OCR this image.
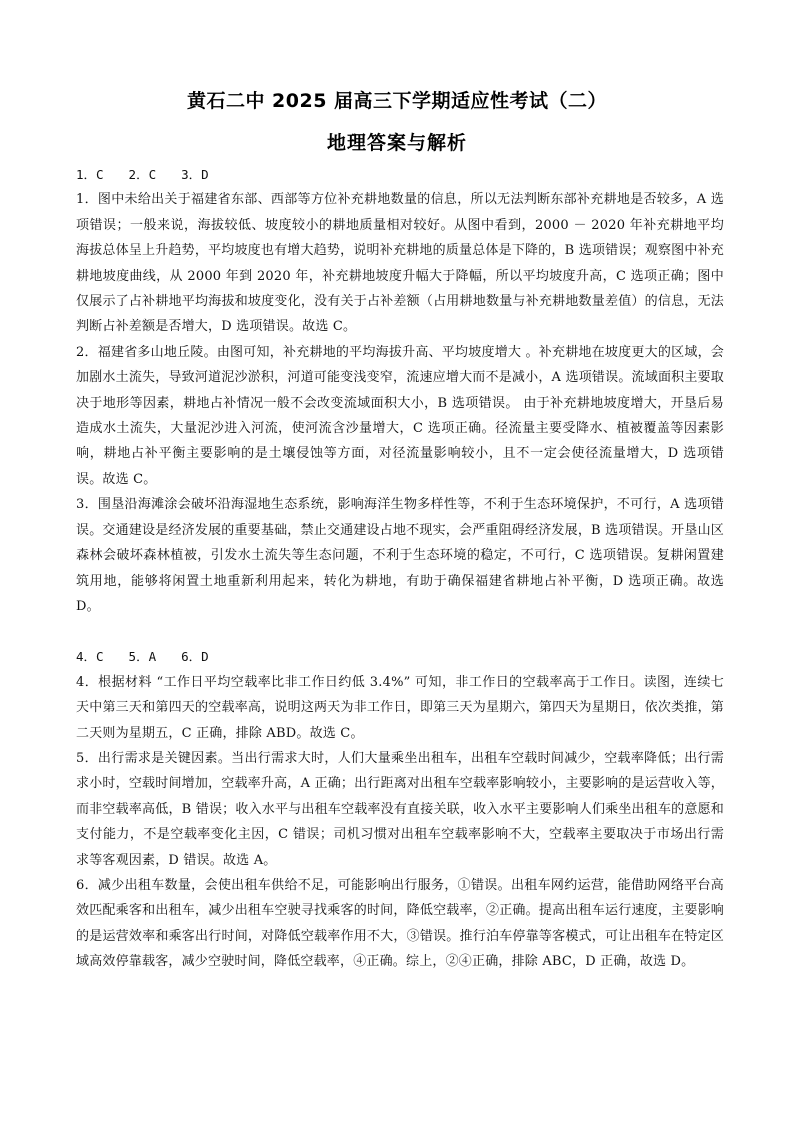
黄石二中 2025 届高三下学期适应性考试（二）
地理答案与解析

1．C　　2．C　　3．D

1．图中未给出关于福建省东部、西部等方位补充耕地数量的信息，所以无法判断东部补充耕地是否较多，A 选项错误；一般来说，海拔较低、坡度较小的耕地质量相对较好。从图中看到，2000 － 2020 年补充耕地平均海拔总体呈上升趋势，平均坡度也有增大趋势，说明补充耕地的质量总体是下降的，B 选项错误；观察图中补充耕地坡度曲线，从 2000 年到 2020 年，补充耕地坡度升幅大于降幅，所以平均坡度升高，C 选项正确；图中仅展示了占补耕地平均海拔和坡度变化，没有关于占补差额（占用耕地数量与补充耕地数量差值）的信息，无法判断占补差额是否增大，D 选项错误。故选 C。

2．福建省多山地丘陵。由图可知，补充耕地的平均海拔升高、平均坡度增大 。补充耕地在坡度更大的区域，会加剧水土流失，导致河道泥沙淤积，河道可能变浅变窄，流速应增大而不是减小，A 选项错误。流域面积主要取决于地形等因素，耕地占补情况一般不会改变流域面积大小，B 选项错误。 由于补充耕地坡度增大，开垦后易造成水土流失，大量泥沙进入河流，使河流含沙量增大，C 选项正确。径流量主要受降水、植被覆盖等因素影响，耕地占补平衡主要影响的是土壤侵蚀等方面，对径流量影响较小，且不一定会使径流量增大，D 选项错误。故选 C。

3．围垦沿海滩涂会破坏沿海湿地生态系统，影响海洋生物多样性等，不利于生态环境保护，不可行，A 选项错误。交通建设是经济发展的重要基础，禁止交通建设占地不现实，会严重阻碍经济发展，B 选项错误。开垦山区森林会破坏森林植被，引发水土流失等生态问题，不利于生态环境的稳定，不可行，C 选项错误。复耕闲置建筑用地，能够将闲置土地重新利用起来，转化为耕地，有助于确保福建省耕地占补平衡，D 选项正确。故选 D。

4．C　　5．A　　6．D

4．根据材料 “工作日平均空载率比非工作日约低 3.4%” 可知，非工作日的空载率高于工作日。读图，连续七天中第三天和第四天的空载率高，说明这两天为非工作日，即第三天为星期六，第四天为星期日，依次类推，第二天则为星期五，C 正确，排除 ABD。故选 C。

5．出行需求是关键因素。当出行需求大时，人们大量乘坐出租车，出租车空载时间减少，空载率降低；出行需求小时，空载时间增加，空载率升高，A 正确；出行距离对出租车空载率影响较小，主要影响的是运营收入等，而非空载率高低，B 错误；收入水平与出租车空载率没有直接关联，收入水平主要影响人们乘坐出租车的意愿和支付能力，不是空载率变化主因，C 错误；司机习惯对出租车空载率影响不大，空载率主要取决于市场出行需求等客观因素，D 错误。故选 A。

6．减少出租车数量，会使出租车供给不足，可能影响出行服务，①错误。出租车网约运营，能借助网络平台高效匹配乘客和出租车，减少出租车空驶寻找乘客的时间，降低空载率，②正确。提高出租车运行速度，主要影响的是运营效率和乘客出行时间，对降低空载率作用不大，③错误。推行泊车停靠等客模式，可让出租车在特定区域高效停靠载客，减少空驶时间，降低空载率，④正确。综上，②④正确，排除 ABC，D 正确，故选 D。
